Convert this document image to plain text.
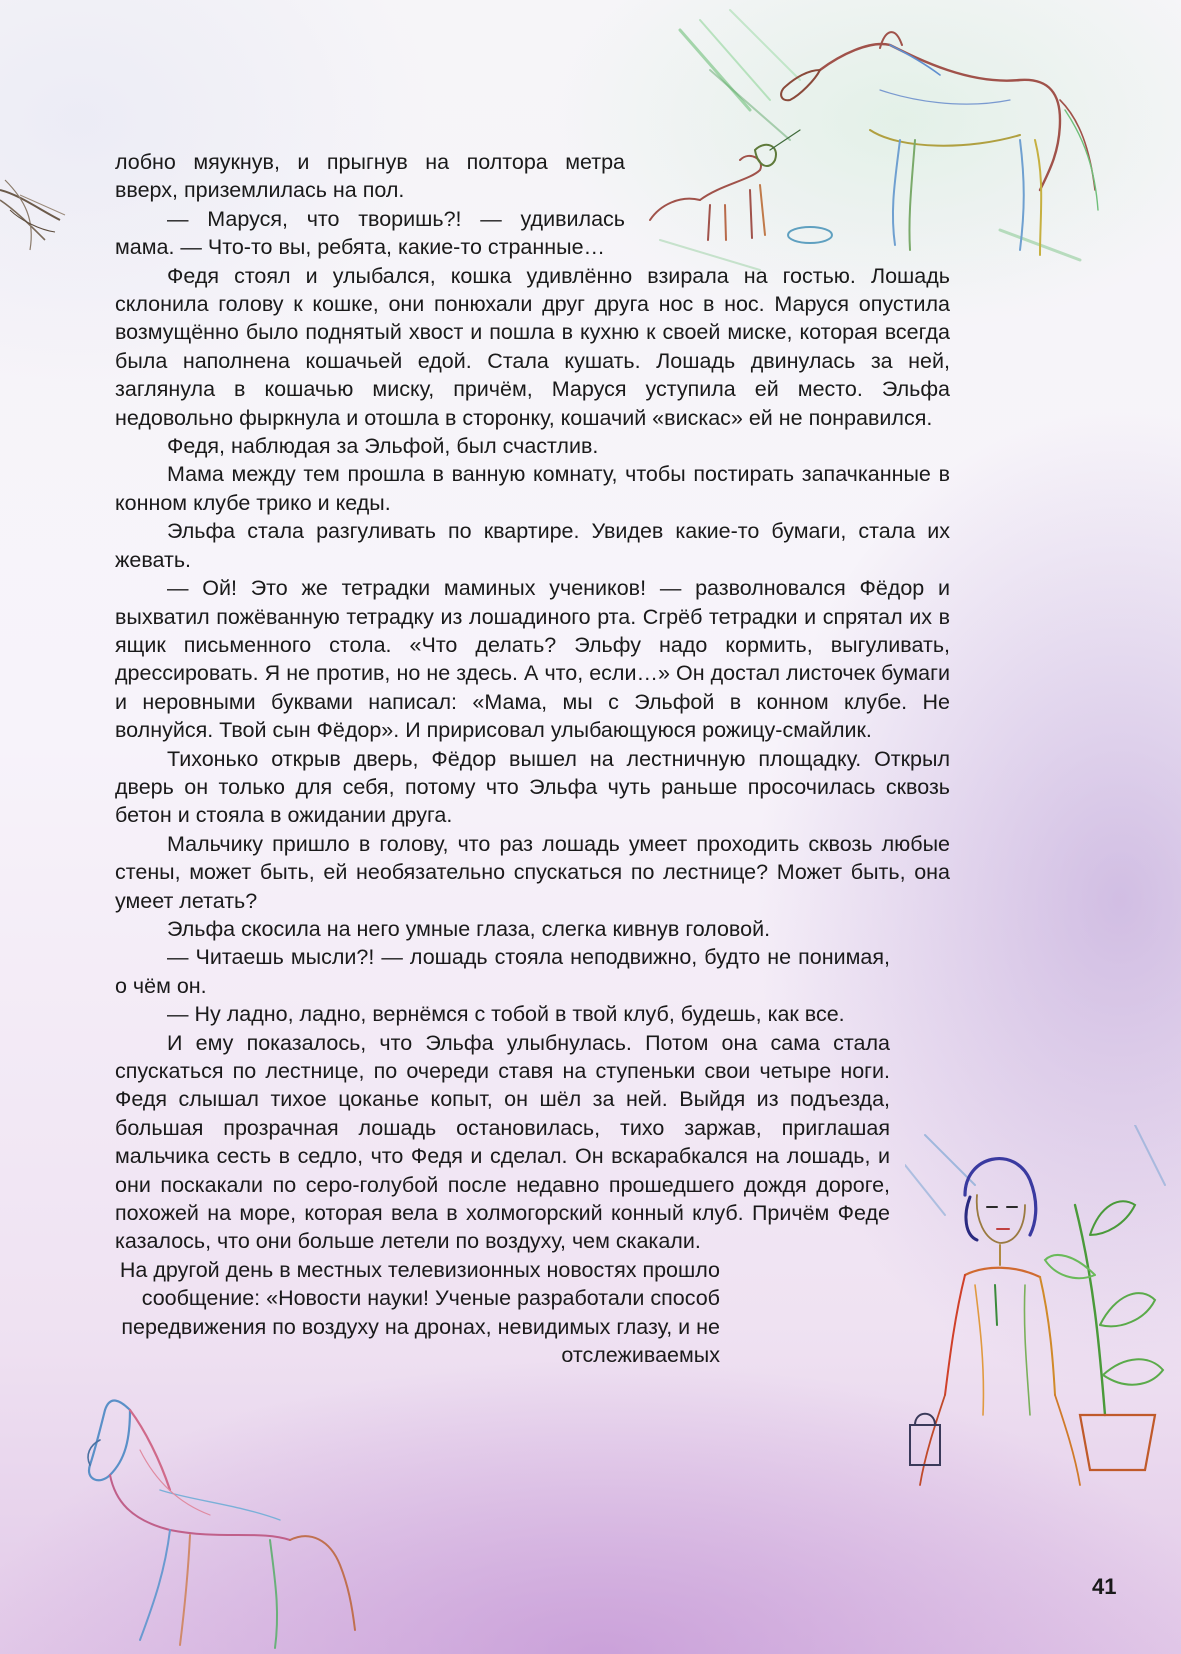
лобно мяукнув, и прыгнув на полтора метра вверх, приземлилась на пол.

— Маруся, что творишь?! — удивилась мама. — Что-то вы, ребята, какие-то странные…

Федя стоял и улыбался, кошка удивлённо взирала на гостью. Лошадь склонила голову к кошке, они понюхали друг друга нос в нос. Маруся опустила возмущённо было поднятый хвост и пошла в кухню к своей миске, которая всегда была наполнена кошачьей едой. Стала кушать. Лошадь двинулась за ней, заглянула в кошачью миску, причём, Маруся уступила ей место. Эльфа недовольно фыркнула и отошла в сторонку, кошачий «вискас» ей не понравился.

Федя, наблюдая за Эльфой, был счастлив.

Мама между тем прошла в ванную комнату, чтобы постирать запачканные в конном клубе трико и кеды.

Эльфа стала разгуливать по квартире. Увидев какие-то бумаги, стала их жевать.

— Ой! Это же тетрадки маминых учеников! — разволновался Фёдор и выхватил пожёванную тетрадку из лошадиного рта. Сгрёб тетрадки и спрятал их в ящик письменного стола. «Что делать? Эльфу надо кормить, выгуливать, дрессировать. Я не против, но не здесь. А что, если…» Он достал листочек бумаги и неровными буквами написал: «Мама, мы с Эльфой в конном клубе. Не волнуйся. Твой сын Фёдор». И пририсовал улыбающуюся рожицу-смайлик.

Тихонько открыв дверь, Фёдор вышел на лестничную площадку. Открыл дверь он только для себя, потому что Эльфа чуть раньше просочилась сквозь бетон и стояла в ожидании друга.

Мальчику пришло в голову, что раз лошадь умеет проходить сквозь любые стены, может быть, ей необязательно спускаться по лестнице? Может быть, она умеет летать?

Эльфа скосила на него умные глаза, слегка кивнув головой.

— Читаешь мысли?! — лошадь стояла неподвижно, будто не понимая, о чём он.

— Ну ладно, ладно, вернёмся с тобой в твой клуб, будешь, как все.

И ему показалось, что Эльфа улыбнулась. Потом она сама стала спускаться по лестнице, по очереди ставя на ступеньки свои четыре ноги. Федя слышал тихое цоканье копыт, он шёл за ней. Выйдя из подъезда, большая прозрачная лошадь остановилась, тихо заржав, приглашая мальчика сесть в седло, что Федя и сделал. Он вскарабкался на лошадь, и они поскакали по серо-голубой после недавно прошедшего дождя дороге, похожей на море, которая вела в холмогорский конный клуб. Причём Феде казалось, что они больше летели по воздуху, чем скакали.

На другой день в местных телевизионных новостях прошло сообщение: «Новости науки! Ученые разработали способ передвижения по воздуху на дронах, невидимых глазу, и не отслеживаемых

41
